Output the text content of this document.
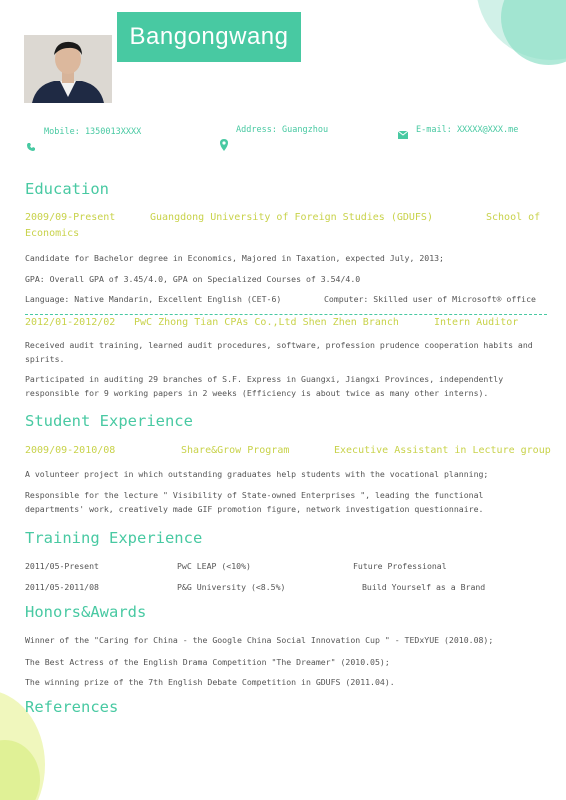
Bangongwang
Mobile: 1350013XXXX	Address: Guangzhou	E-mail: XXXXX@XXX.me
Education
2009/09-Present	Guangdong University of Foreign Studies (GDUFS)	School of
Economics
Candidate for Bachelor degree in Economics, Majored in Taxation, expected July, 2013;
GPA: Overall GPA of 3.45/4.0, GPA on Specialized Courses of 3.54/4.0
Language: Native Mandarin, Excellent English (CET-6)	Computer: Skilled user of Microsoft® office
2012/01-2012/02 PwC Zhong Tian CPAs Co.,Ltd Shen Zhen Branch	Intern Auditor
Received audit training, learned audit procedures, software, profession prudence cooperation habits and spirits.
Participated in auditing 29 branches of S.F. Express in Guangxi, Jiangxi Provinces, independently responsible for 9 working papers in 2 weeks (Efficiency is about twice as many other interns).
Student Experience
2009/09-2010/08	Share&Grow Program	Executive Assistant in Lecture group
A volunteer project in which outstanding graduates help students with the vocational planning;
Responsible for the lecture " Visibility of State-owned Enterprises ", leading the functional departments' work, creatively made GIF promotion figure, network investigation questionnaire.
Training Experience
2011/05-Present	PwC LEAP (<10%)	Future Professional
2011/05-2011/08	P&G University (<8.5%)	Build Yourself as a Brand
Honors&Awards
Winner of the "Caring for China - the Google China Social Innovation Cup " - TEDxYUE (2010.08);
The Best Actress of the English Drama Competition "The Dreamer" (2010.05);
The winning prize of the 7th English Debate Competition in GDUFS (2011.04).
References
